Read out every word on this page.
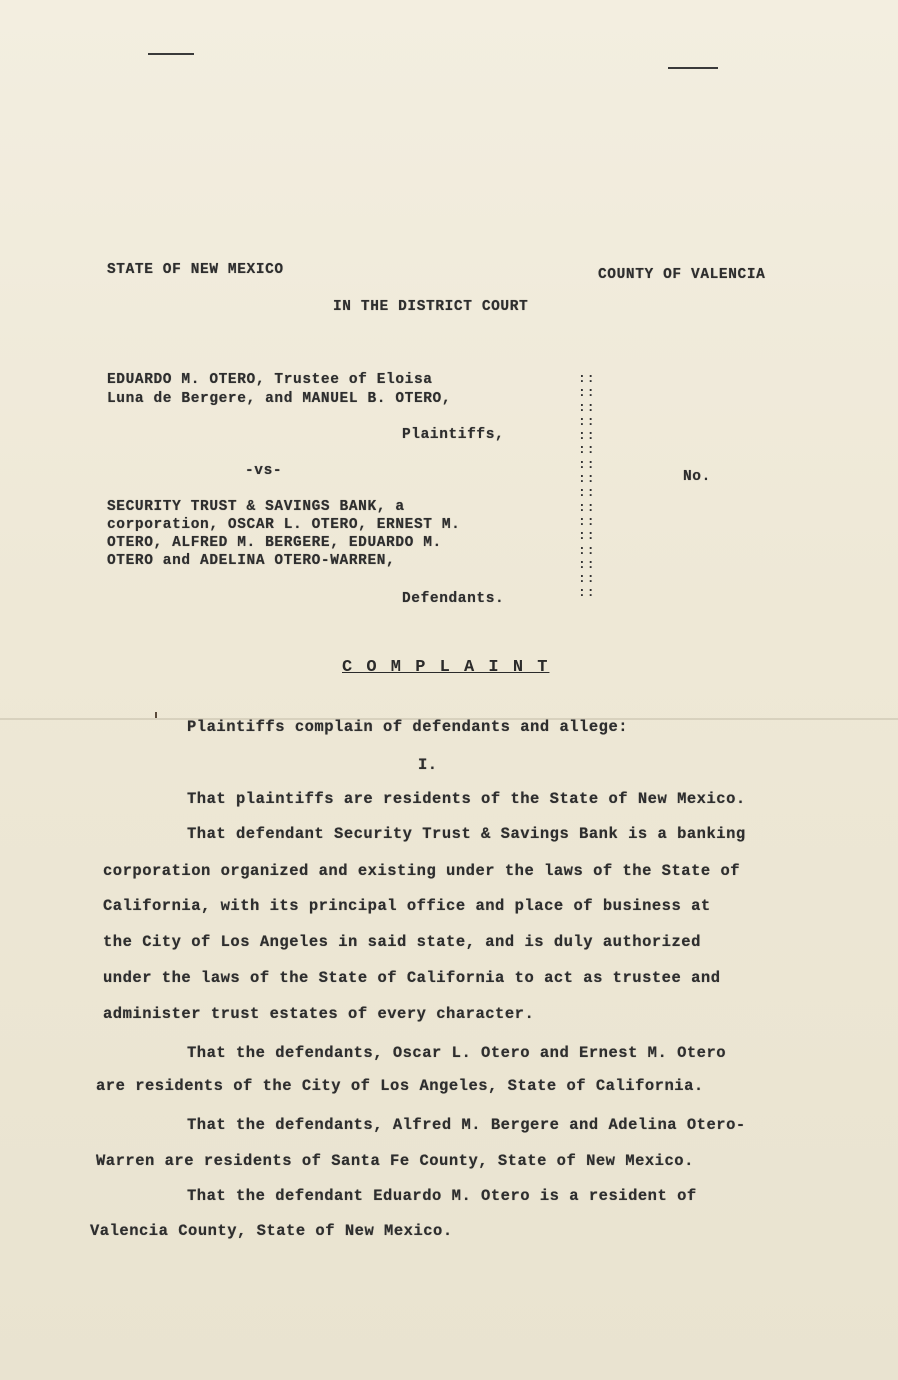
STATE OF NEW MEXICO	COUNTY OF VALENCIA
IN THE DISTRICT COURT
EDUARDO M. OTERO, Trustee of Eloisa
Luna de Bergere, and MANUEL B. OTERO,
Plaintiffs,
-vs-	No.
SECURITY TRUST & SAVINGS BANK, a
corporation, OSCAR L. OTERO, ERNEST M.
OTERO, ALFRED M. BERGERE, EDUARDO M.
OTERO and ADELINA OTERO-WARREN,
Defendants.
::
::
::
::
::
::
::
::
::
::
::
::
::
::
::
::
C O M P L A I N T
Plaintiffs complain of defendants and allege:
I.
That plaintiffs are residents of the State of New Mexico.
That defendant Security Trust & Savings Bank is a banking
corporation organized and existing under the laws of the State of
California, with its principal office and place of business at
the City of Los Angeles in said state, and is duly authorized
under the laws of the State of California to act as trustee and
administer trust estates of every character.
That the defendants, Oscar L. Otero and Ernest M. Otero
are residents of the City of Los Angeles, State of California.
That the defendants, Alfred M. Bergere and Adelina Otero-
Warren are residents of Santa Fe County, State of New Mexico.
That the defendant Eduardo M. Otero is a resident of
Valencia County, State of New Mexico.
